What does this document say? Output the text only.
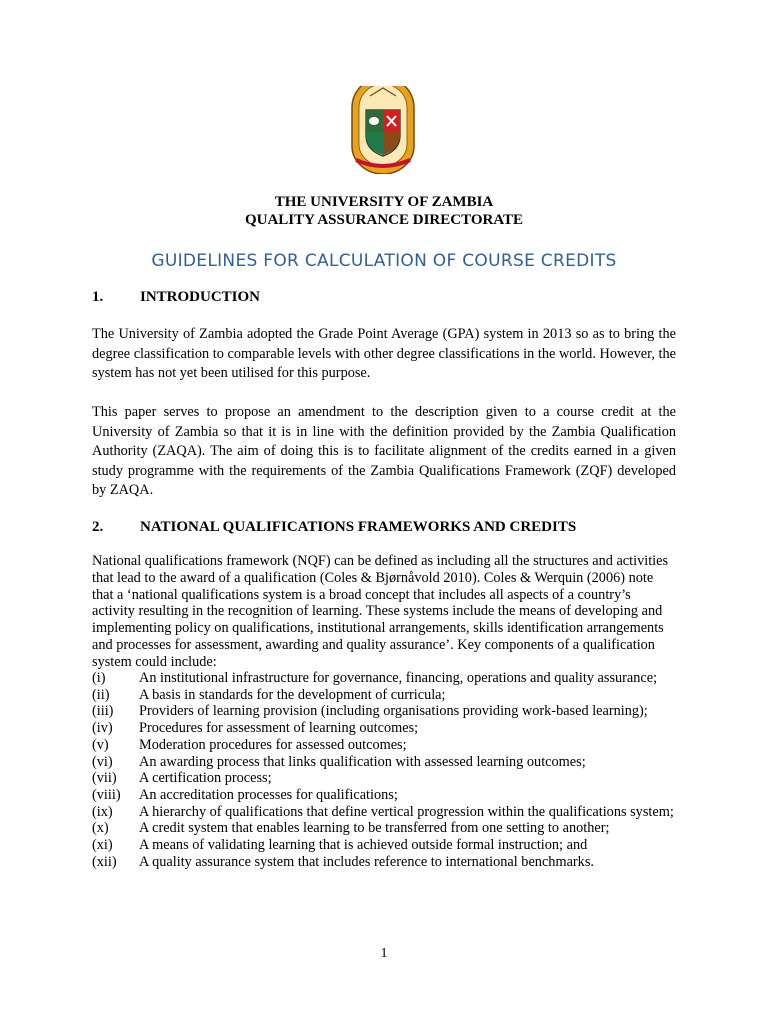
THE UNIVERSITY OF ZAMBIA
QUALITY ASSURANCE DIRECTORATE
GUIDELINES FOR CALCULATION OF COURSE CREDITS
1. INTRODUCTION

The University of Zambia adopted the Grade Point Average (GPA) system in 2013 so as to bring the degree classification to comparable levels with other degree classifications in the world. However, the system has not yet been utilised for this purpose.

This paper serves to propose an amendment to the description given to a course credit at the University of Zambia so that it is in line with the definition provided by the Zambia Qualification Authority (ZAQA). The aim of doing this is to facilitate alignment of the credits earned in a given study programme with the requirements of the Zambia Qualifications Framework (ZQF) developed by ZAQA.

2. NATIONAL QUALIFICATIONS FRAMEWORKS AND CREDITS

National qualifications framework (NQF) can be defined as including all the structures and activities that lead to the award of a qualification (Coles & Bjørnåvold 2010). Coles & Werquin (2006) note that a ‘national qualifications system is a broad concept that includes all aspects of a country’s activity resulting in the recognition of learning. These systems include the means of developing and implementing policy on qualifications, institutional arrangements, skills identification arrangements and processes for assessment, awarding and quality assurance’. Key components of a qualification system could include:

(i)	An institutional infrastructure for governance, financing, operations and quality assurance;
(ii)	A basis in standards for the development of curricula;
(iii)	Providers of learning provision (including organisations providing work-based learning);
(iv)	Procedures for assessment of learning outcomes;
(v)	Moderation procedures for assessed outcomes;
(vi)	An awarding process that links qualification with assessed learning outcomes;
(vii)	A certification process;
(viii)	An accreditation processes for qualifications;
(ix)	A hierarchy of qualifications that define vertical progression within the qualifications system;
(x)	A credit system that enables learning to be transferred from one setting to another;
(xi)	A means of validating learning that is achieved outside formal instruction; and
(xii)	A quality assurance system that includes reference to international benchmarks.
1
